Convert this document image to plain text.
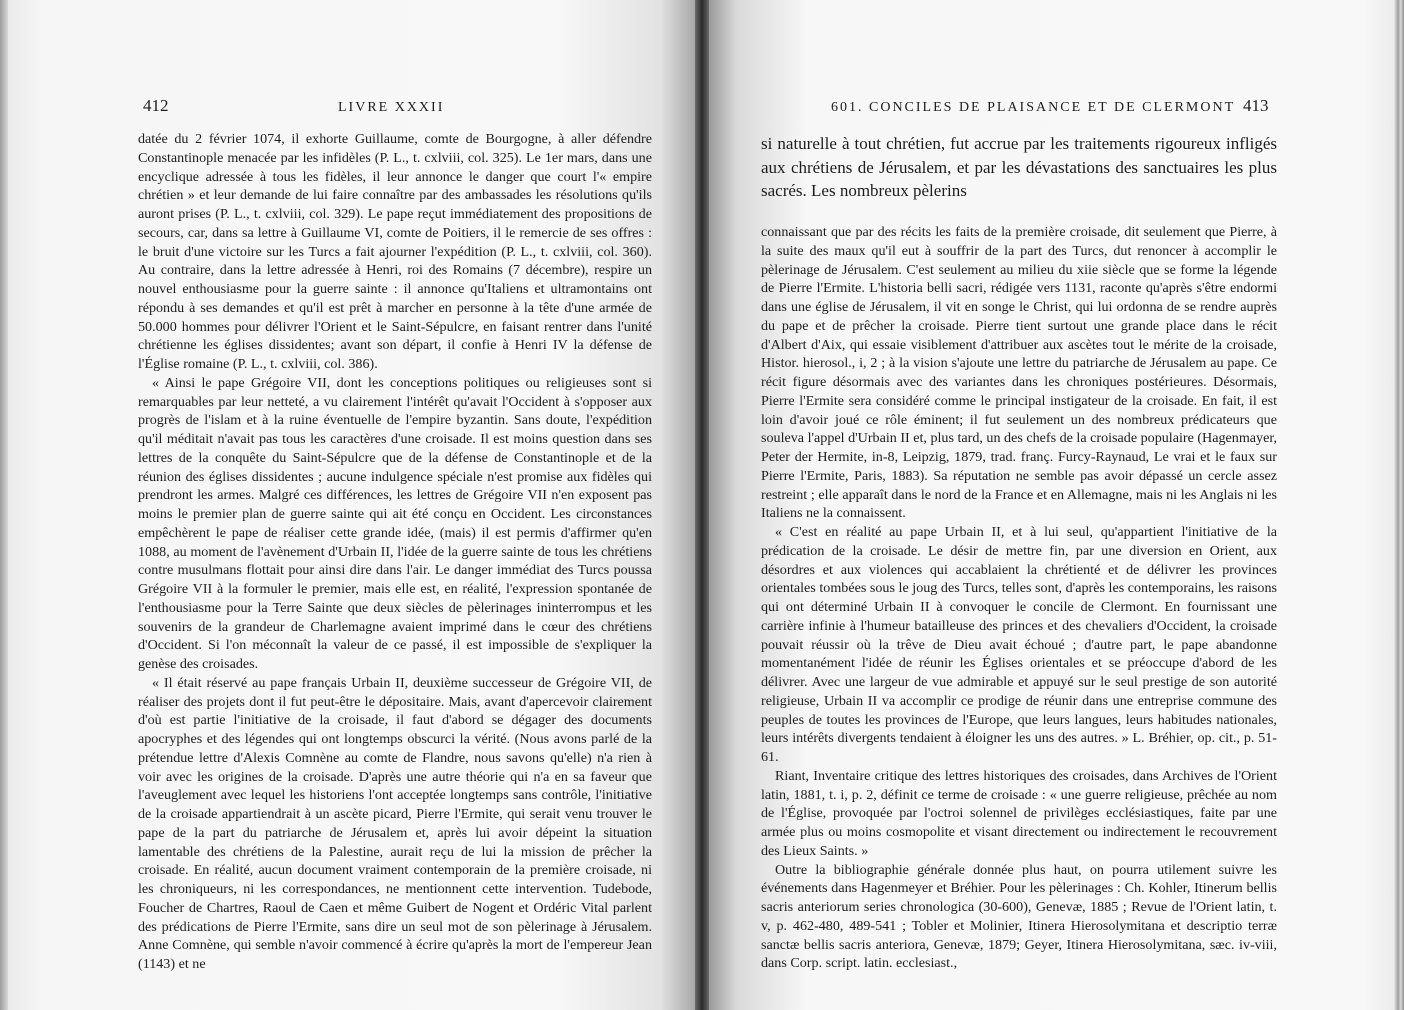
412	LIVRE XXXII

datée du 2 février 1074, il exhorte Guillaume, comte de Bourgogne, à aller défendre Constantinople menacée par les infidèles (P. L., t. cxlviii, col. 325). Le 1er mars, dans une encyclique adressée à tous les fidèles, il leur annonce le danger que court l'« empire chrétien » et leur demande de lui faire connaître par des ambassades les résolutions qu'ils auront prises (P. L., t. cxlviii, col. 329). Le pape reçut immédiatement des propositions de secours, car, dans sa lettre à Guillaume VI, comte de Poitiers, il le remercie de ses offres : le bruit d'une victoire sur les Turcs a fait ajourner l'expédition (P. L., t. cxlviii, col. 360). Au contraire, dans la lettre adressée à Henri, roi des Romains (7 décembre), respire un nouvel enthousiasme pour la guerre sainte : il annonce qu'Italiens et ultramontains ont répondu à ses demandes et qu'il est prêt à marcher en personne à la tête d'une armée de 50.000 hommes pour délivrer l'Orient et le Saint-Sépulcre, en faisant rentrer dans l'unité chrétienne les églises dissidentes; avant son départ, il confie à Henri IV la défense de l'Église romaine (P. L., t. cxlviii, col. 386).

« Ainsi le pape Grégoire VII, dont les conceptions politiques ou religieuses sont si remarquables par leur netteté, a vu clairement l'intérêt qu'avait l'Occident à s'opposer aux progrès de l'islam et à la ruine éventuelle de l'empire byzantin. Sans doute, l'expédition qu'il méditait n'avait pas tous les caractères d'une croisade. Il est moins question dans ses lettres de la conquête du Saint-Sépulcre que de la défense de Constantinople et de la réunion des églises dissidentes ; aucune indulgence spéciale n'est promise aux fidèles qui prendront les armes. Malgré ces différences, les lettres de Grégoire VII n'en exposent pas moins le premier plan de guerre sainte qui ait été conçu en Occident. Les circonstances empêchèrent le pape de réaliser cette grande idée, (mais) il est permis d'affirmer qu'en 1088, au moment de l'avènement d'Urbain II, l'idée de la guerre sainte de tous les chrétiens contre musulmans flottait pour ainsi dire dans l'air. Le danger immédiat des Turcs poussa Grégoire VII à la formuler le premier, mais elle est, en réalité, l'expression spontanée de l'enthousiasme pour la Terre Sainte que deux siècles de pèlerinages ininterrompus et les souvenirs de la grandeur de Charlemagne avaient imprimé dans le cœur des chrétiens d'Occident. Si l'on méconnaît la valeur de ce passé, il est impossible de s'expliquer la genèse des croisades.

« Il était réservé au pape français Urbain II, deuxième successeur de Grégoire VII, de réaliser des projets dont il fut peut-être le dépositaire. Mais, avant d'apercevoir clairement d'où est partie l'initiative de la croisade, il faut d'abord se dégager des documents apocryphes et des légendes qui ont longtemps obscurci la vérité. (Nous avons parlé de la prétendue lettre d'Alexis Comnène au comte de Flandre, nous savons qu'elle) n'a rien à voir avec les origines de la croisade. D'après une autre théorie qui n'a en sa faveur que l'aveuglement avec lequel les historiens l'ont acceptée longtemps sans contrôle, l'initiative de la croisade appartiendrait à un ascète picard, Pierre l'Ermite, qui serait venu trouver le pape de la part du patriarche de Jérusalem et, après lui avoir dépeint la situation lamentable des chrétiens de la Palestine, aurait reçu de lui la mission de prêcher la croisade. En réalité, aucun document vraiment contemporain de la première croisade, ni les chroniqueurs, ni les correspondances, ne mentionnent cette intervention. Tudebode, Foucher de Chartres, Raoul de Caen et même Guibert de Nogent et Ordéric Vital parlent des prédications de Pierre l'Ermite, sans dire un seul mot de son pèlerinage à Jérusalem. Anne Comnène, qui semble n'avoir commencé à écrire qu'après la mort de l'empereur Jean (1143) et ne

601. CONCILES DE PLAISANCE ET DE CLERMONT 413

si naturelle à tout chrétien, fut accrue par les traitements rigoureux infligés aux chrétiens de Jérusalem, et par les dévastations des sanctuaires les plus sacrés. Les nombreux pèlerins

connaissant que par des récits les faits de la première croisade, dit seulement que Pierre, à la suite des maux qu'il eut à souffrir de la part des Turcs, dut renoncer à accomplir le pèlerinage de Jérusalem. C'est seulement au milieu du xiie siècle que se forme la légende de Pierre l'Ermite. L'historia belli sacri, rédigée vers 1131, raconte qu'après s'être endormi dans une église de Jérusalem, il vit en songe le Christ, qui lui ordonna de se rendre auprès du pape et de prêcher la croisade. Pierre tient surtout une grande place dans le récit d'Albert d'Aix, qui essaie visiblement d'attribuer aux ascètes tout le mérite de la croisade, Histor. hierosol., i, 2 ; à la vision s'ajoute une lettre du patriarche de Jérusalem au pape. Ce récit figure désormais avec des variantes dans les chroniques postérieures. Désormais, Pierre l'Ermite sera considéré comme le principal instigateur de la croisade. En fait, il est loin d'avoir joué ce rôle éminent; il fut seulement un des nombreux prédicateurs que souleva l'appel d'Urbain II et, plus tard, un des chefs de la croisade populaire (Hagenmayer, Peter der Hermite, in-8, Leipzig, 1879, trad. franç. Furcy-Raynaud, Le vrai et le faux sur Pierre l'Ermite, Paris, 1883). Sa réputation ne semble pas avoir dépassé un cercle assez restreint ; elle apparaît dans le nord de la France et en Allemagne, mais ni les Anglais ni les Italiens ne la connaissent.

« C'est en réalité au pape Urbain II, et à lui seul, qu'appartient l'initiative de la prédication de la croisade. Le désir de mettre fin, par une diversion en Orient, aux désordres et aux violences qui accablaient la chrétienté et de délivrer les provinces orientales tombées sous le joug des Turcs, telles sont, d'après les contemporains, les raisons qui ont déterminé Urbain II à convoquer le concile de Clermont. En fournissant une carrière infinie à l'humeur batailleuse des princes et des chevaliers d'Occident, la croisade pouvait réussir où la trêve de Dieu avait échoué ; d'autre part, le pape abandonne momentanément l'idée de réunir les Églises orientales et se préoccupe d'abord de les délivrer. Avec une largeur de vue admirable et appuyé sur le seul prestige de son autorité religieuse, Urbain II va accomplir ce prodige de réunir dans une entreprise commune des peuples de toutes les provinces de l'Europe, que leurs langues, leurs habitudes nationales, leurs intérêts divergents tendaient à éloigner les uns des autres. » L. Bréhier, op. cit., p. 51-61.

Riant, Inventaire critique des lettres historiques des croisades, dans Archives de l'Orient latin, 1881, t. i, p. 2, définit ce terme de croisade : « une guerre religieuse, prêchée au nom de l'Église, provoquée par l'octroi solennel de privilèges ecclésiastiques, faite par une armée plus ou moins cosmopolite et visant directement ou indirectement le recouvrement des Lieux Saints. »

Outre la bibliographie générale donnée plus haut, on pourra utilement suivre les événements dans Hagenmeyer et Bréhier. Pour les pèlerinages : Ch. Kohler, Itinerum bellis sacris anteriorum series chronologica (30-600), Genevæ, 1885 ; Revue de l'Orient latin, t. v, p. 462-480, 489-541 ; Tobler et Molinier, Itinera Hierosolymitana et descriptio terræ sanctæ bellis sacris anteriora, Genevæ, 1879; Geyer, Itinera Hierosolymitana, sæc. iv-viii, dans Corp. script. latin. ecclesiast.,
